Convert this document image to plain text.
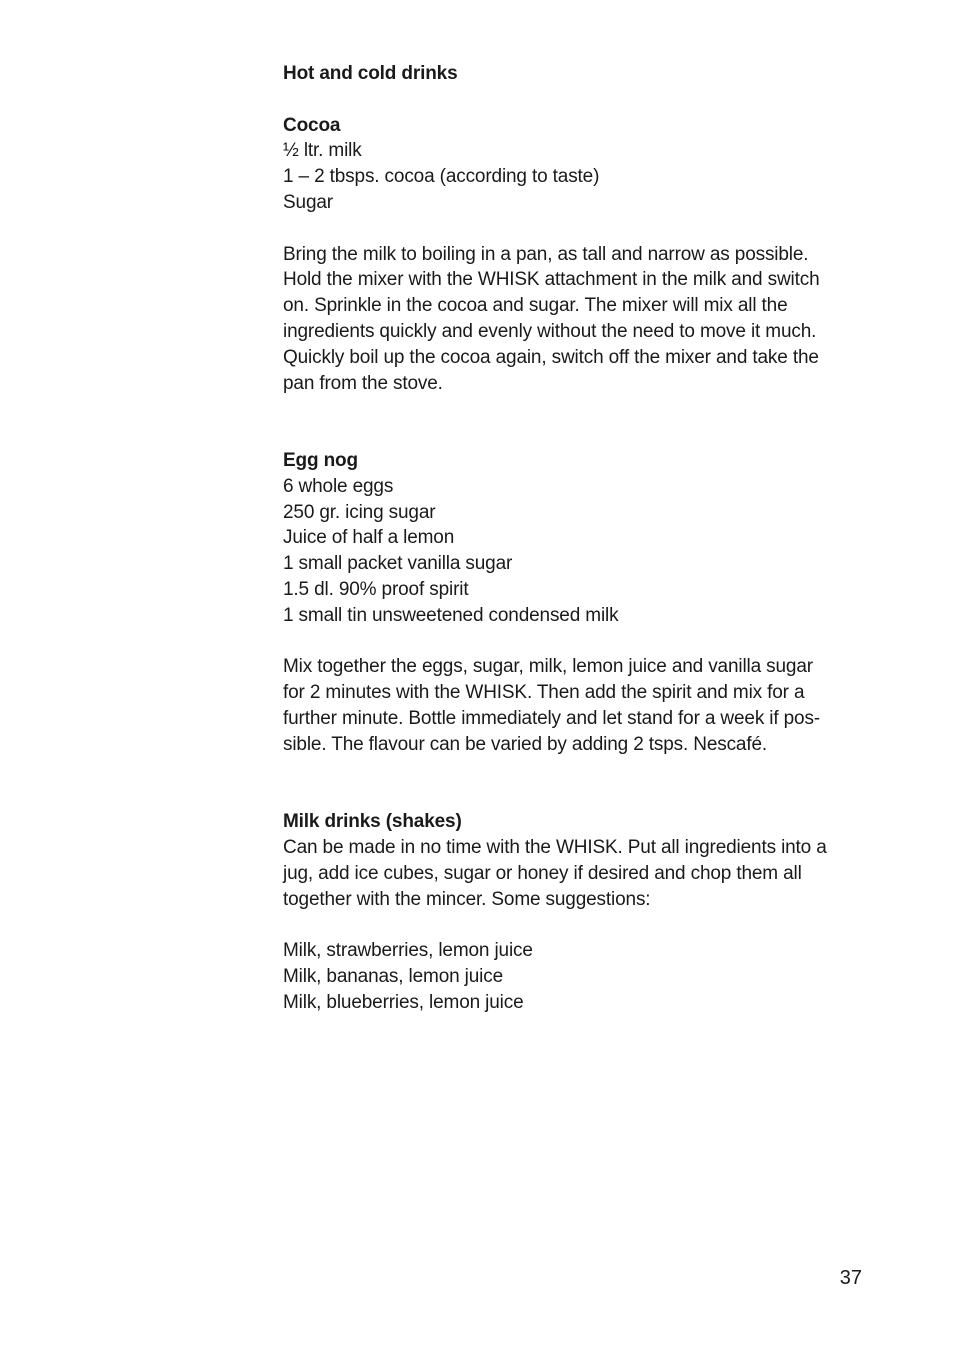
Hot and cold drinks
Cocoa
½ ltr. milk
1 – 2 tbsps. cocoa (according to taste)
Sugar
Bring the milk to boiling in a pan, as tall and narrow as possible.
Hold the mixer with the WHISK attachment in the milk and switch
on. Sprinkle in the cocoa and sugar. The mixer will mix all the
ingredients quickly and evenly without the need to move it much.
Quickly boil up the cocoa again, switch off the mixer and take the
pan from the stove.
Egg nog
6 whole eggs
250 gr. icing sugar
Juice of half a lemon
1 small packet vanilla sugar
1.5 dl. 90% proof spirit
1 small tin unsweetened condensed milk
Mix together the eggs, sugar, milk, lemon juice and vanilla sugar
for 2 minutes with the WHISK. Then add the spirit and mix for a
further minute. Bottle immediately and let stand for a week if pos-
sible. The flavour can be varied by adding 2 tsps. Nescafé.
Milk drinks (shakes)
Can be made in no time with the WHISK. Put all ingredients into a
jug, add ice cubes, sugar or honey if desired and chop them all
together with the mincer. Some suggestions:
Milk, strawberries, lemon juice
Milk, bananas, lemon juice
Milk, blueberries, lemon juice
37
